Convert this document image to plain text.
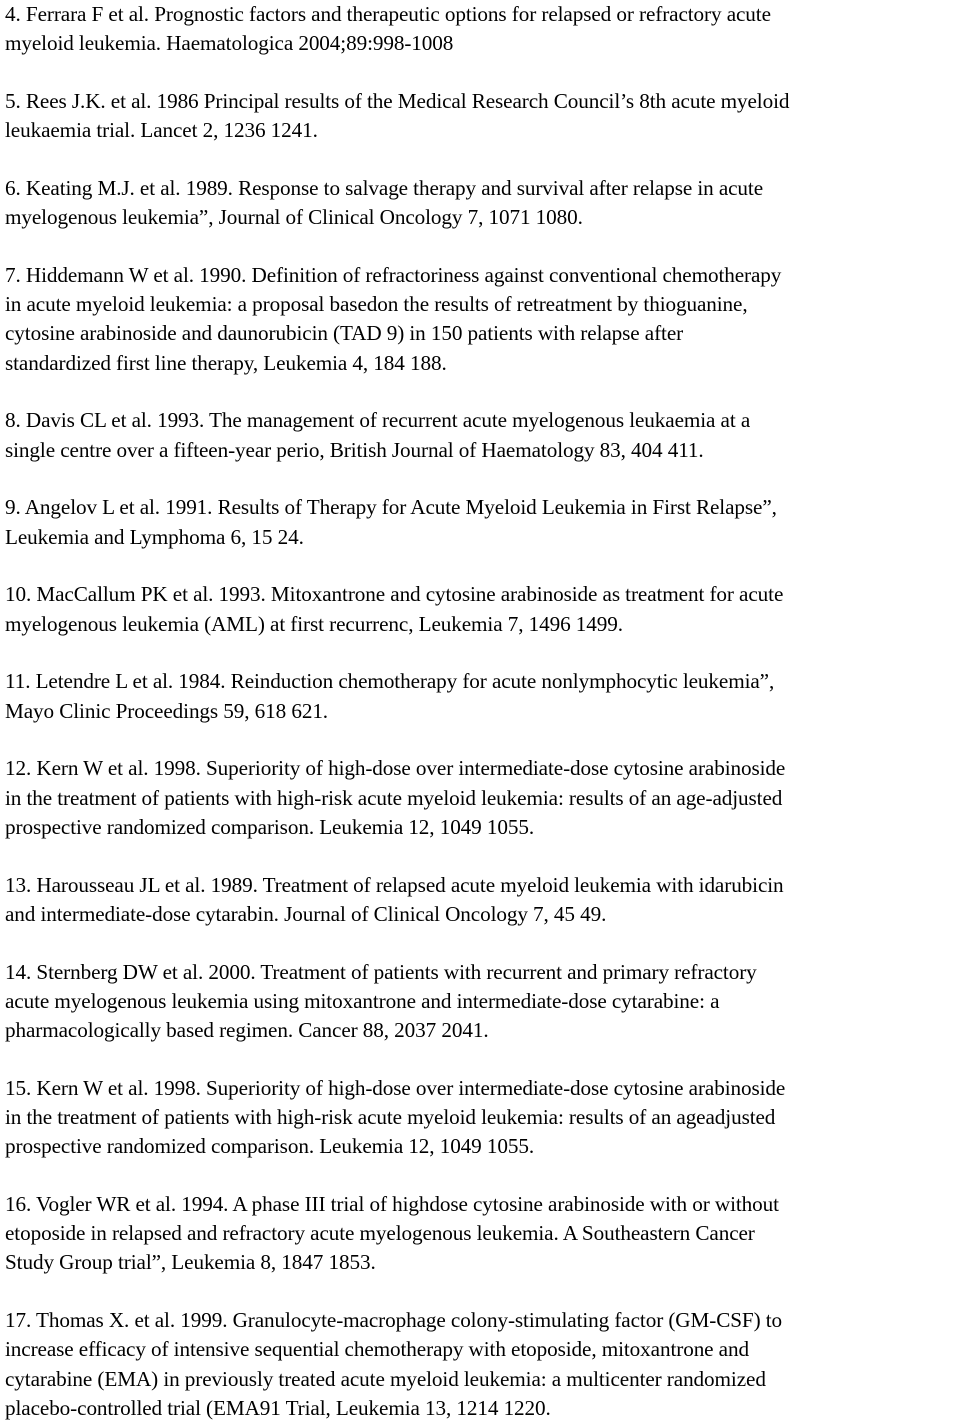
4. Ferrara F et al. Prognostic factors and therapeutic options for relapsed or refractory acute
myeloid leukemia. Haematologica 2004;89:998-1008

5. Rees J.K. et al. 1986 Principal results of the Medical Research Council’s 8th acute myeloid
leukaemia trial. Lancet 2, 1236 1241.

6. Keating M.J. et al. 1989. Response to salvage therapy and survival after relapse in acute
myelogenous leukemia”, Journal of Clinical Oncology 7, 1071 1080.

7. Hiddemann W et al. 1990. Definition of refractoriness against conventional chemotherapy
in acute myeloid leukemia: a proposal basedon the results of retreatment by thioguanine,
cytosine arabinoside and daunorubicin (TAD 9) in 150 patients with relapse after
standardized first line therapy, Leukemia 4, 184 188.

8. Davis CL et al. 1993. The management of recurrent acute myelogenous leukaemia at a
single centre over a fifteen-year perio, British Journal of Haematology 83, 404 411.

9. Angelov L et al. 1991. Results of Therapy for Acute Myeloid Leukemia in First Relapse”,
Leukemia and Lymphoma 6, 15 24.

10. MacCallum PK et al. 1993. Mitoxantrone and cytosine arabinoside as treatment for acute
myelogenous leukemia (AML) at first recurrenc, Leukemia 7, 1496 1499.

11. Letendre L et al. 1984. Reinduction chemotherapy for acute nonlymphocytic leukemia”,
Mayo Clinic Proceedings 59, 618 621.

12. Kern W et al. 1998. Superiority of high-dose over intermediate-dose cytosine arabinoside
in the treatment of patients with high-risk acute myeloid leukemia: results of an age-adjusted
prospective randomized comparison. Leukemia 12, 1049 1055.

13. Harousseau JL et al. 1989. Treatment of relapsed acute myeloid leukemia with idarubicin
and intermediate-dose cytarabin. Journal of Clinical Oncology 7, 45 49.

14. Sternberg DW et al. 2000. Treatment of patients with recurrent and primary refractory
acute myelogenous leukemia using mitoxantrone and intermediate-dose cytarabine: a
pharmacologically based regimen. Cancer 88, 2037 2041.

15. Kern W et al. 1998. Superiority of high-dose over intermediate-dose cytosine arabinoside
in the treatment of patients with high-risk acute myeloid leukemia: results of an ageadjusted
prospective randomized comparison. Leukemia 12, 1049 1055.

16. Vogler WR et al. 1994. A phase III trial of highdose cytosine arabinoside with or without
etoposide in relapsed and refractory acute myelogenous leukemia. A Southeastern Cancer
Study Group trial”, Leukemia 8, 1847 1853.

17. Thomas X. et al. 1999. Granulocyte-macrophage colony-stimulating factor (GM-CSF) to
increase efficacy of intensive sequential chemotherapy with etoposide, mitoxantrone and
cytarabine (EMA) in previously treated acute myeloid leukemia: a multicenter randomized
placebo-controlled trial (EMA91 Trial, Leukemia 13, 1214 1220.
